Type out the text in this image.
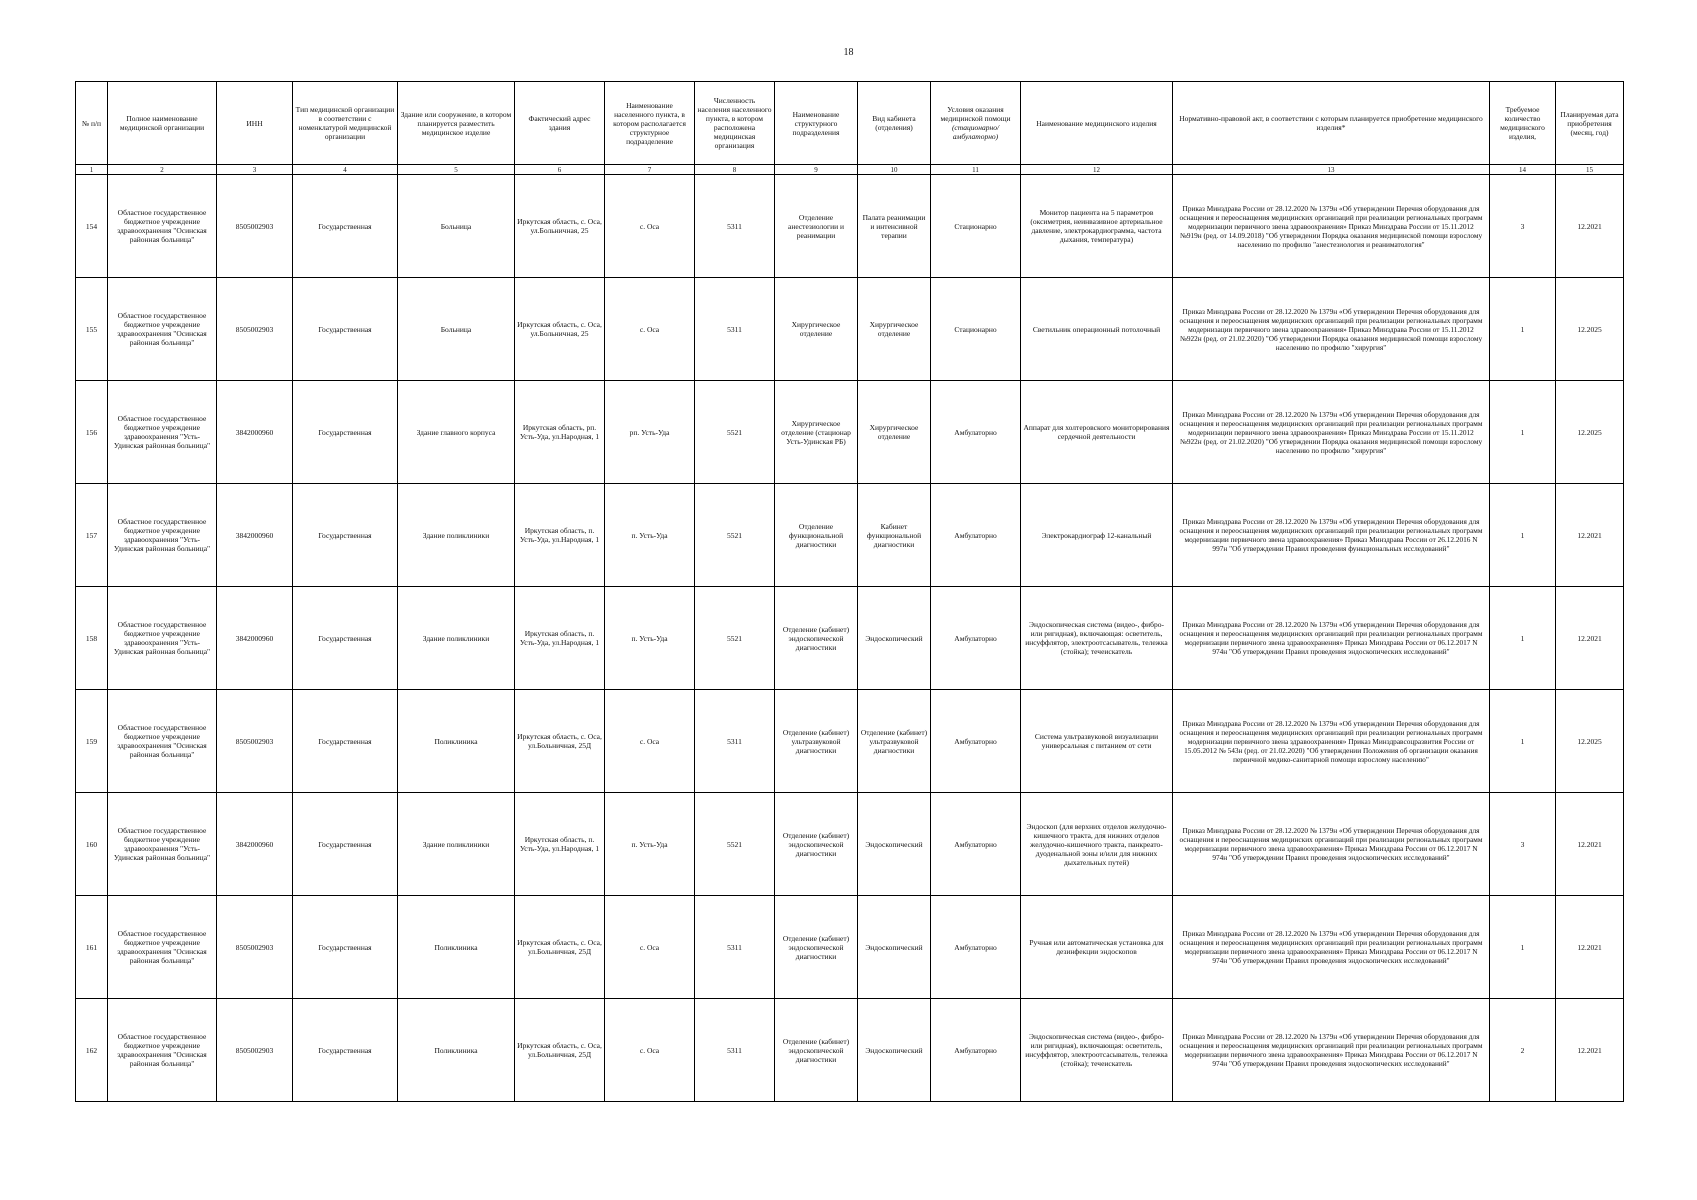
18
№ п/п	Полное наименование медицинской организации	ИНН	Тип медицинской организации в соответствии с номенклатурой медицинской организации	Здание или сооружение, в котором планируется разместить медицинское изделие	Фактический адрес здания	Наименование населенного пункта, в котором располагается структурное подразделение	Численность населения населенного пункта, в котором расположена медицинская организация	Наименование структурного подразделения	Вид кабинета (отделения)	Условия оказания медицинской помощи (стационарно/амбулаторно)	Наименование медицинского изделия	Нормативно-правовой акт, в соответствии с которым планируется приобретение медицинского изделия*	Требуемое количество медицинского изделия,	Планируемая дата приобретения (месяц, год)
1	2	3	4	5	6	7	8	9	10	11	12	13	14	15
154	Областное государственное бюджетное учреждение здравоохранения "Осинская районная больница"	8505002903	Государственная	Больница	Иркутская область, с. Оса, ул.Больничная, 25	с. Оса	5311	Отделение анестезиологии и реанимации	Палата реанимации и интенсивной терапии	Стационарно	Монитор пациента на 5 параметров (оксиметрия, неинвазивное артериальное давление, электрокардиограмма, частота дыхания, температура)	Приказ Минздрава России от 28.12.2020 № 1379н «Об утверждении Перечня оборудования для оснащения и переоснащения медицинских организаций при реализации региональных программ модернизации первичного звена здравоохранения» Приказ Минздрава России от 15.11.2012 №919н (ред. от 14.09.2018) "Об утверждении Порядка оказания медицинской помощи взрослому населению по профилю "анестезиология и реаниматология"	3	12.2021
155	Областное государственное бюджетное учреждение здравоохранения "Осинская районная больница"	8505002903	Государственная	Больница	Иркутская область, с. Оса, ул.Больничная, 25	с. Оса	5311	Хирургическое отделение	Хирургическое отделение	Стационарно	Светильник операционный потолочный	Приказ Минздрава России от 28.12.2020 № 1379н «Об утверждении Перечня оборудования для оснащения и переоснащения медицинских организаций при реализации региональных программ модернизации первичного звена здравоохранения» Приказ Минздрава России от 15.11.2012 №922н (ред. от 21.02.2020) "Об утверждении Порядка оказания медицинской помощи взрослому населению по профилю "хирургия"	1	12.2025
156	Областное государственное бюджетное учреждение здравоохранения "Усть-Удинская районная больница"	3842000960	Государственная	Здание главного корпуса	Иркутская область, рп. Усть-Уда, ул.Народная, 1	рп. Усть-Уда	5521	Хирургическое отделение (стационар Усть-Удинская РБ)	Хирургическое отделение	Амбулаторно	Аппарат для холтеровского мониторирования сердечной деятельности	Приказ Минздрава России от 28.12.2020 № 1379н «Об утверждении Перечня оборудования для оснащения и переоснащения медицинских организаций при реализации региональных программ модернизации первичного звена здравоохранения» Приказ Минздрава России от 15.11.2012 №922н (ред. от 21.02.2020) "Об утверждении Порядка оказания медицинской помощи взрослому населению по профилю "хирургия"	1	12.2025
157	Областное государственное бюджетное учреждение здравоохранения "Усть-Удинская районная больница"	3842000960	Государственная	Здание поликлиники	Иркутская область, п. Усть-Уда, ул.Народная, 1	п. Усть-Уда	5521	Отделение функциональной диагностики	Кабинет функциональной диагностики	Амбулаторно	Электрокардиограф 12-канальный	Приказ Минздрава России от 28.12.2020 № 1379н «Об утверждении Перечня оборудования для оснащения и переоснащения медицинских организаций при реализации региональных программ модернизации первичного звена здравоохранения» Приказ Минздрава России от 26.12.2016 N 997н "Об утверждении Правил проведения функциональных исследований"	1	12.2021
158	Областное государственное бюджетное учреждение здравоохранения "Усть-Удинская районная больница"	3842000960	Государственная	Здание поликлиники	Иркутская область, п. Усть-Уда, ул.Народная, 1	п. Усть-Уда	5521	Отделение (кабинет) эндоскопической диагностики	Эндоскопический	Амбулаторно	Эндоскопическая система (видео-, фибро- или ригидная), включающая: осветитель, инсуффлятор, электроотсасыватель, тележка (стойка); течеискатель	Приказ Минздрава России от 28.12.2020 № 1379н «Об утверждении Перечня оборудования для оснащения и переоснащения медицинских организаций при реализации региональных программ модернизации первичного звена здравоохранения» Приказ Минздрава России от 06.12.2017 N 974н "Об утверждении Правил проведения эндоскопических исследований"	1	12.2021
159	Областное государственное бюджетное учреждение здравоохранения "Осинская районная больница"	8505002903	Государственная	Поликлиника	Иркутская область, с. Оса, ул.Больничная, 25Д	с. Оса	5311	Отделение (кабинет) ультразвуковой диагностики	Отделение (кабинет) ультразвуковой диагностики	Амбулаторно	Система ультразвуковой визуализации универсальная с питанием от сети	Приказ Минздрава России от 28.12.2020 № 1379н «Об утверждении Перечня оборудования для оснащения и переоснащения медицинских организаций при реализации региональных программ модернизации первичного звена здравоохранения» Приказ Минздравсоцразвития России от 15.05.2012 № 543н (ред. от 21.02.2020) "Об утверждении Положения об организации оказания первичной медико-санитарной помощи взрослому населению"	1	12.2025
160	Областное государственное бюджетное учреждение здравоохранения "Усть-Удинская районная больница"	3842000960	Государственная	Здание поликлиники	Иркутская область, п. Усть-Уда, ул.Народная, 1	п. Усть-Уда	5521	Отделение (кабинет) эндоскопической диагностики	Эндоскопический	Амбулаторно	Эндоскоп (для верхних отделов желудочно-кишечного тракта, для нижних отделов желудочно-кишечного тракта, панкреато-дуоденальной зоны и/или для нижних дыхательных путей)	Приказ Минздрава России от 28.12.2020 № 1379н «Об утверждении Перечня оборудования для оснащения и переоснащения медицинских организаций при реализации региональных программ модернизации первичного звена здравоохранения» Приказ Минздрава России от 06.12.2017 N 974н "Об утверждении Правил проведения эндоскопических исследований"	3	12.2021
161	Областное государственное бюджетное учреждение здравоохранения "Осинская районная больница"	8505002903	Государственная	Поликлиника	Иркутская область, с. Оса, ул.Больничная, 25Д	с. Оса	5311	Отделение (кабинет) эндоскопической диагностики	Эндоскопический	Амбулаторно	Ручная или автоматическая установка для дезинфекции эндоскопов	Приказ Минздрава России от 28.12.2020 № 1379н «Об утверждении Перечня оборудования для оснащения и переоснащения медицинских организаций при реализации региональных программ модернизации первичного звена здравоохранения» Приказ Минздрава России от 06.12.2017 N 974н "Об утверждении Правил проведения эндоскопических исследований"	1	12.2021
162	Областное государственное бюджетное учреждение здравоохранения "Осинская районная больница"	8505002903	Государственная	Поликлиника	Иркутская область, с. Оса, ул.Больничная, 25Д	с. Оса	5311	Отделение (кабинет) эндоскопической диагностики	Эндоскопический	Амбулаторно	Эндоскопическая система (видео-, фибро- или ригидная), включающая: осветитель, инсуффлятор, электроотсасыватель, тележка (стойка); течеискатель	Приказ Минздрава России от 28.12.2020 № 1379н «Об утверждении Перечня оборудования для оснащения и переоснащения медицинских организаций при реализации региональных программ модернизации первичного звена здравоохранения» Приказ Минздрава России от 06.12.2017 N 974н "Об утверждении Правил проведения эндоскопических исследований"	2	12.2021
